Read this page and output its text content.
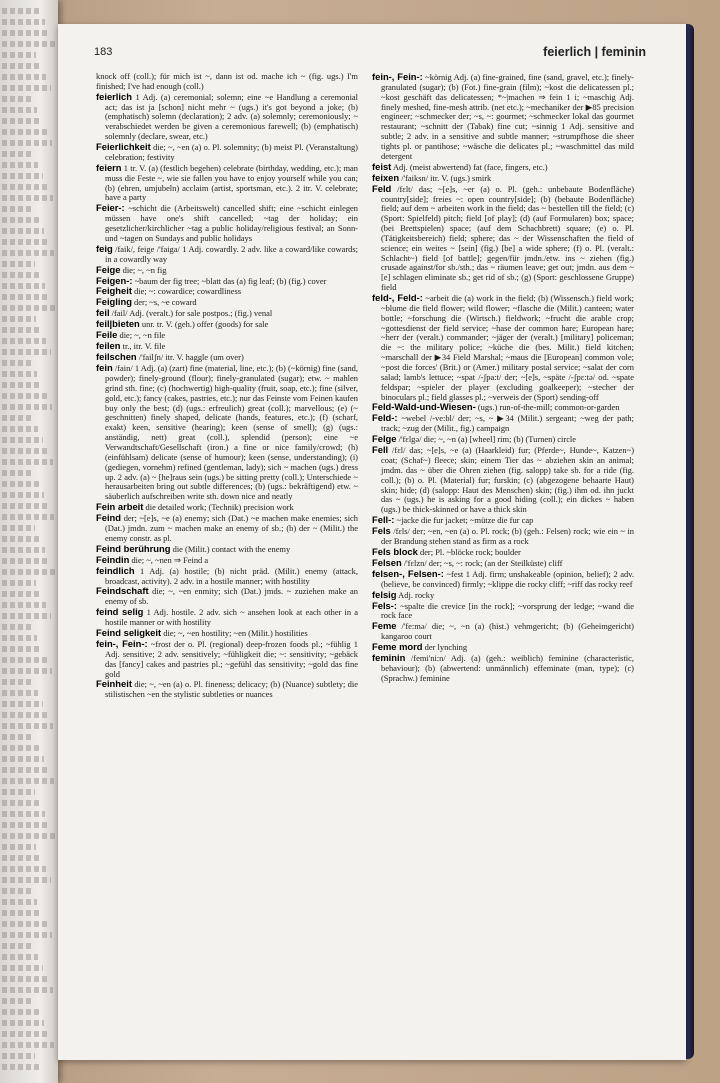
183	feierlich | feminin

knock off (coll.); für mich ist ~, dann ist od. mache ich ~ (fig. ugs.) I'm finished; I've had enough (coll.)

feierlich 1 Adj. (a) ceremonial; solemn; eine ~e Handlung a ceremonial act; das ist ja [schon] nicht mehr ~ (ugs.) it's got beyond a joke; (b) (emphatisch) solemn (declaration); 2 adv. (a) solemnly; ceremoniously; ~ verabschiedet werden be given a ceremonious farewell; (b) (emphatisch) solemnly (declare, swear, etc.)

Feierlichkeit die; ~, ~en (a) o. Pl. solemnity; (b) meist Pl. (Veranstaltung) celebration; festivity

feiern 1 tr. V. (a) (festlich begehen) celebrate (birthday, wedding, etc.); man muss die Feste ~, wie sie fallen you have to enjoy yourself while you can; (b) (ehren, umjubeln) acclaim (artist, sportsman, etc.). 2 itr. V. celebrate; have a party

Feier-: ~schicht die (Arbeitswelt) cancelled shift; eine ~schicht einlegen müssen have one's shift cancelled; ~tag der holiday; ein gesetzlicher/kirchlicher ~tag a public holiday/religious festival; an Sonn- und ~tagen on Sundays and public holidays

feig /faik/, feige /'faiga/ 1 Adj. cowardly. 2 adv. like a coward/like cowards; in a cowardly way

Feige die; ~, ~n fig

Feigen-: ~baum der fig tree; ~blatt das (a) fig leaf; (b) (fig.) cover

Feigheit die; ~: cowardice; cowardliness

Feigling der; ~s, ~e coward

feil /fail/ Adj. (veralt.) for sale postpos.; (fig.) venal

feil|bieten unr. tr. V. (geh.) offer (goods) for sale

Feile die; ~, ~n file

feilen tr., itr. V. file

feilschen /'failʃn/ itr. V. haggle (um over)

fein /fain/ 1 Adj. (a) (zart) fine (material, line, etc.); (b) (~körnig) fine (sand, powder); finely-ground (flour); finely-granulated (sugar); etw. ~ mahlen grind sth. fine; (c) (hochwertig) high-quality (fruit, soap, etc.); fine (silver, gold, etc.); fancy (cakes, pastries, etc.); nur das Feinste vom Feinen kaufen buy only the best; (d) (ugs.: erfreulich) great (coll.); marvellous; (e) (~ geschnitten) finely shaped, delicate (hands, features, etc.); (f) (scharf, exakt) keen, sensitive (hearing); keen (sense of smell); (g) (ugs.: anständig, nett) great (coll.), splendid (person); eine ~e Verwandtschaft/Gesellschaft (iron.) a fine or nice family/crowd; (h) (einfühlsam) delicate (sense of humour); keen (sense, understanding); (i) (gediegen, vornehm) refined (gentleman, lady); sich ~ machen (ugs.) dress up. 2 adv. (a) ~ [he]raus sein (ugs.) be sitting pretty (coll.); Unterschiede ~ herausarbeiten bring out subtle differences; (b) (ugs.: bekräftigend) etw. ~ säuberlich aufschreiben write sth. down nice and neatly

Fein arbeit die detailed work; (Technik) precision work

Feind der; ~[e]s, ~e (a) enemy; sich (Dat.) ~e machen make enemies; sich (Dat.) jmdn. zum ~ machen make an enemy of sb.; (b) der ~ (Milit.) the enemy constr. as pl.

Feind berührung die (Milit.) contact with the enemy

Feindin die; ~, ~nen ⇒ Feind a

feindlich 1 Adj. (a) hostile; (b) nicht präd. (Milit.) enemy (attack, broadcast, activity). 2 adv. in a hostile manner; with hostility

Feindschaft die; ~, ~en enmity; sich (Dat.) jmds. ~ zuziehen make an enemy of sb.

feind selig 1 Adj. hostile. 2 adv. sich ~ ansehen look at each other in a hostile manner or with hostility

Feind seligkeit die; ~, ~en hostility; ~en (Milit.) hostilities

fein-, Fein-: ~frost der o. Pl. (regional) deep-frozen foods pl.; ~fühlig 1 Adj. sensitive; 2 adv. sensitively; ~fühligkeit die; ~: sensitivity; ~gebäck das [fancy] cakes and pastries pl.; ~gefühl das sensitivity; ~gold das fine gold

Feinheit die; ~, ~en (a) o. Pl. fineness; delicacy; (b) (Nuance) subtlety; die stilistischen ~en the stylistic subtleties or nuances

fein-, Fein-: ~körnig Adj. (a) fine-grained, fine (sand, gravel, etc.); finely-granulated (sugar); (b) (Fot.) fine-grain (film); ~kost die delicatessen pl.; ~kost geschäft das delicatessen; *~|machen ⇒ fein 1 i; ~maschig Adj. finely meshed, fine-mesh attrib. (net etc.); ~mechaniker der ▶85 precision engineer; ~schmecker der; ~s, ~: gourmet; ~schmecker lokal das gourmet restaurant; ~schnitt der (Tabak) fine cut; ~sinnig 1 Adj. sensitive and subtle; 2 adv. in a sensitive and subtle manner; ~strumpfhose die sheer tights pl. or pantihose; ~wäsche die delicates pl.; ~waschmittel das mild detergent

feist Adj. (meist abwertend) fat (face, fingers, etc.)

feixen /'faiksn/ itr. V. (ugs.) smirk

Feld /fɛlt/ das; ~[e]s, ~er (a) o. Pl. (geh.: unbebaute Bodenfläche) country[side]; freies ~: open country[side]; (b) (bebaute Bodenfläche) field; auf dem ~ arbeiten work in the field; das ~ bestellen till the field; (c) (Sport: Spielfeld) pitch; field [of play]; (d) (auf Formularen) box; space; (bei Brettspielen) space; (auf dem Schachbrett) square; (e) o. Pl. (Tätigkeitsbereich) field; sphere; das ~ der Wissenschaften the field of science; ein weites ~ [sein] (fig.) [be] a wide sphere; (f) o. Pl. (veralt.: Schlacht~) field [of battle]; gegen/für jmdn./etw. ins ~ ziehen (fig.) crusade against/for sb./sth.; das ~ räumen leave; get out; jmdn. aus dem ~[e] schlagen eliminate sb.; get rid of sb.; (g) (Sport: geschlossene Gruppe) field

feld-, Feld-: ~arbeit die (a) work in the field; (b) (Wissensch.) field work; ~blume die field flower; wild flower; ~flasche die (Milit.) canteen; water bottle; ~forschung die (Wirtsch.) fieldwork; ~frucht die arable crop; ~gottesdienst der field service; ~hase der common hare; European hare; ~herr der (veralt.) commander; ~jäger der (veralt.) [military] policeman; die ~: the military police; ~küche die (bes. Milit.) field kitchen; ~marschall der ▶34 Field Marshal; ~maus die [European] common vole; ~post die forces' (Brit.) or (Amer.) military postal service; ~salat der corn salad; lamb's lettuce; ~spat /-ʃpa:t/ der; ~[e]s, ~späte /-ʃpɛ:tə/ od. ~spate feldspar; ~spieler der player (excluding goalkeeper); ~stecher der binoculars pl.; field glasses pl.; ~verweis der (Sport) sending-off

Feld-Wald-und-Wiesen- (ugs.) run-of-the-mill; common-or-garden

Feld-: ~webel /-ve:bl/ der; ~s, ~ ▶34 (Milit.) sergeant; ~weg der path; track; ~zug der (Milit., fig.) campaign

Felge /'fɛlgə/ die; ~, ~n (a) [wheel] rim; (b) (Turnen) circle

Fell /fɛl/ das; ~[e]s, ~e (a) (Haarkleid) fur; (Pferde~, Hunde~, Katzen~) coat; (Schaf~) fleece; skin; einem Tier das ~ abziehen skin an animal; jmdm. das ~ über die Ohren ziehen (fig. salopp) take sb. for a ride (fig. coll.); (b) o. Pl. (Material) fur; furskin; (c) (abgezogene behaarte Haut) skin; hide; (d) (salopp: Haut des Menschen) skin; (fig.) ihm od. ihn juckt das ~ (ugs.) he is asking for a good hiding (coll.); ein dickes ~ haben (ugs.) be thick-skinned or have a thick skin

Fell-: ~jacke die fur jacket; ~mütze die fur cap

Fels /fɛls/ der; ~en, ~en (a) o. Pl. rock; (b) (geh.: Felsen) rock; wie ein ~ in der Brandung stehen stand as firm as a rock

Fels block der; Pl. ~blöcke rock; boulder

Felsen /'fɛlzn/ der; ~s, ~: rock; (an der Steilküste) cliff

felsen-, Felsen-: ~fest 1 Adj. firm; unshakeable (opinion, belief); 2 adv. (believe, be convinced) firmly; ~klippe die rocky cliff; ~riff das rocky reef

felsig Adj. rocky

Fels-: ~spalte die crevice [in the rock]; ~vorsprung der ledge; ~wand die rock face

Feme /'fe:mə/ die; ~, ~n (a) (hist.) vehmgericht; (b) (Geheimgericht) kangaroo court

Feme mord der lynching

feminin /femi'ni:n/ Adj. (a) (geh.: weiblich) feminine (characteristic, behaviour); (b) (abwertend: unmännlich) effeminate (man, type); (c) (Sprachw.) feminine
